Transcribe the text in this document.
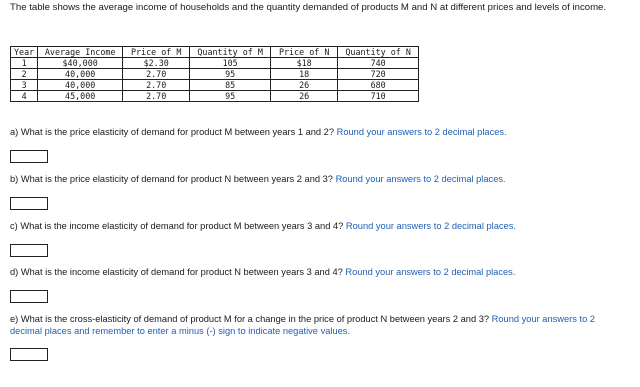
The table shows the average income of households and the quantity demanded of products M and N at different prices and levels of income.

Year	Average Income	Price of M	Quantity of M	Price of N	Quantity of N
1	$40,000	$2.30	105	$18	740
2	40,000	2.70	95	18	720
3	40,000	2.70	85	26	680
4	45,000	2.70	95	26	710

a) What is the price elasticity of demand for product M between years 1 and 2? Round your answers to 2 decimal places.

b) What is the price elasticity of demand for product N between years 2 and 3? Round your answers to 2 decimal places.

c) What is the income elasticity of demand for product M between years 3 and 4? Round your answers to 2 decimal places.

d) What is the income elasticity of demand for product N between years 3 and 4? Round your answers to 2 decimal places.

e) What is the cross-elasticity of demand of product M for a change in the price of product N between years 2 and 3? Round your answers to 2 decimal places and remember to enter a minus (-) sign to indicate negative values.
